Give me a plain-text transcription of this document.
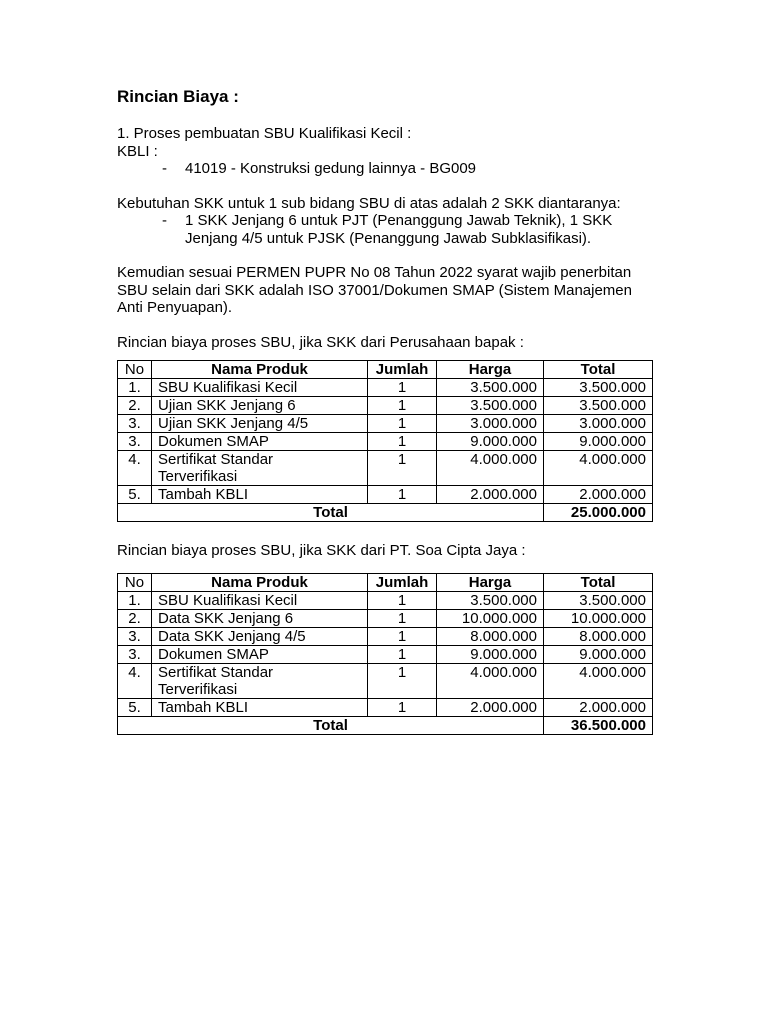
Rincian Biaya :

1. Proses pembuatan SBU Kualifikasi Kecil :

KBLI :

- 41019 - Konstruksi gedung lainnya - BG009

Kebutuhan SKK untuk 1 sub bidang SBU di atas adalah 2 SKK diantaranya:

- 1 SKK Jenjang 6 untuk PJT (Penanggung Jawab Teknik), 1 SKK
Jenjang 4/5 untuk PJSK (Penanggung Jawab Subklasifikasi).

Kemudian sesuai PERMEN PUPR No 08 Tahun 2022 syarat wajib penerbitan

SBU selain dari SKK adalah ISO 37001/Dokumen SMAP (Sistem Manajemen

Anti Penyuapan).

Rincian biaya proses SBU, jika SKK dari Perusahaan bapak :

No	Nama Produk	Jumlah	Harga	Total
1.	SBU Kualifikasi Kecil	1	3.500.000	3.500.000
2.	Ujian SKK Jenjang 6	1	3.500.000	3.500.000
3.	Ujian SKK Jenjang 4/5	1	3.000.000	3.000.000
3.	Dokumen SMAP	1	9.000.000	9.000.000
4.	Sertifikat Standar
Terverifikasi	1	4.000.000	4.000.000
5.	Tambah KBLI	1	2.000.000	2.000.000
Total				25.000.000

Rincian biaya proses SBU, jika SKK dari PT. Soa Cipta Jaya :

No	Nama Produk	Jumlah	Harga	Total
1.	SBU Kualifikasi Kecil	1	3.500.000	3.500.000
2.	Data SKK Jenjang 6	1	10.000.000	10.000.000
3.	Data SKK Jenjang 4/5	1	8.000.000	8.000.000
3.	Dokumen SMAP	1	9.000.000	9.000.000
4.	Sertifikat Standar
Terverifikasi	1	4.000.000	4.000.000
5.	Tambah KBLI	1	2.000.000	2.000.000
Total				36.500.000
